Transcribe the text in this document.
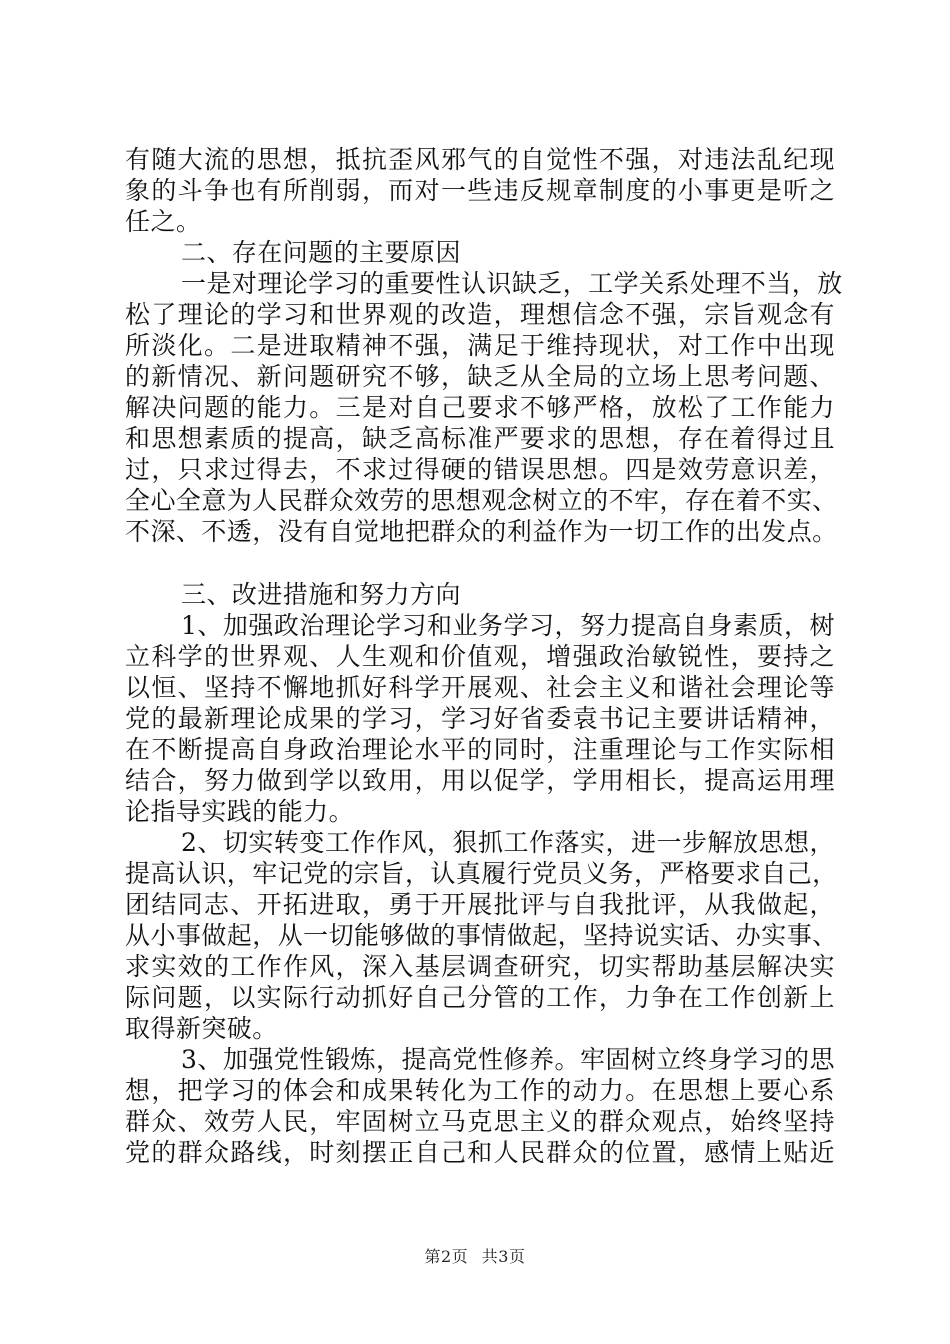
有随大流的思想，抵抗歪风邪气的自觉性不强，对违法乱纪现
象的斗争也有所削弱，而对一些违反规章制度的小事更是听之
任之。
二、存在问题的主要原因
一是对理论学习的重要性认识缺乏，工学关系处理不当，放
松了理论的学习和世界观的改造，理想信念不强，宗旨观念有
所淡化。二是进取精神不强，满足于维持现状，对工作中出现
的新情况、新问题研究不够，缺乏从全局的立场上思考问题、
解决问题的能力。三是对自己要求不够严格，放松了工作能力
和思想素质的提高，缺乏高标准严要求的思想，存在着得过且
过，只求过得去，不求过得硬的错误思想。四是效劳意识差，
全心全意为人民群众效劳的思想观念树立的不牢，存在着不实、
不深、不透，没有自觉地把群众的利益作为一切工作的出发点。
三、改进措施和努力方向
1、加强政治理论学习和业务学习，努力提高自身素质，树
立科学的世界观、人生观和价值观，增强政治敏锐性，要持之
以恒、坚持不懈地抓好科学开展观、社会主义和谐社会理论等
党的最新理论成果的学习，学习好省委袁书记主要讲话精神，
在不断提高自身政治理论水平的同时，注重理论与工作实际相
结合，努力做到学以致用，用以促学，学用相长，提高运用理
论指导实践的能力。
2、切实转变工作作风，狠抓工作落实，进一步解放思想，
提高认识，牢记党的宗旨，认真履行党员义务，严格要求自己，
团结同志、开拓进取，勇于开展批评与自我批评，从我做起，
从小事做起，从一切能够做的事情做起，坚持说实话、办实事、
求实效的工作作风，深入基层调查研究，切实帮助基层解决实
际问题，以实际行动抓好自己分管的工作，力争在工作创新上
取得新突破。
3、加强党性锻炼，提高党性修养。牢固树立终身学习的思
想，把学习的体会和成果转化为工作的动力。在思想上要心系
群众、效劳人民，牢固树立马克思主义的群众观点，始终坚持
党的群众路线，时刻摆正自己和人民群众的位置，感情上贴近
第2页 共3页
